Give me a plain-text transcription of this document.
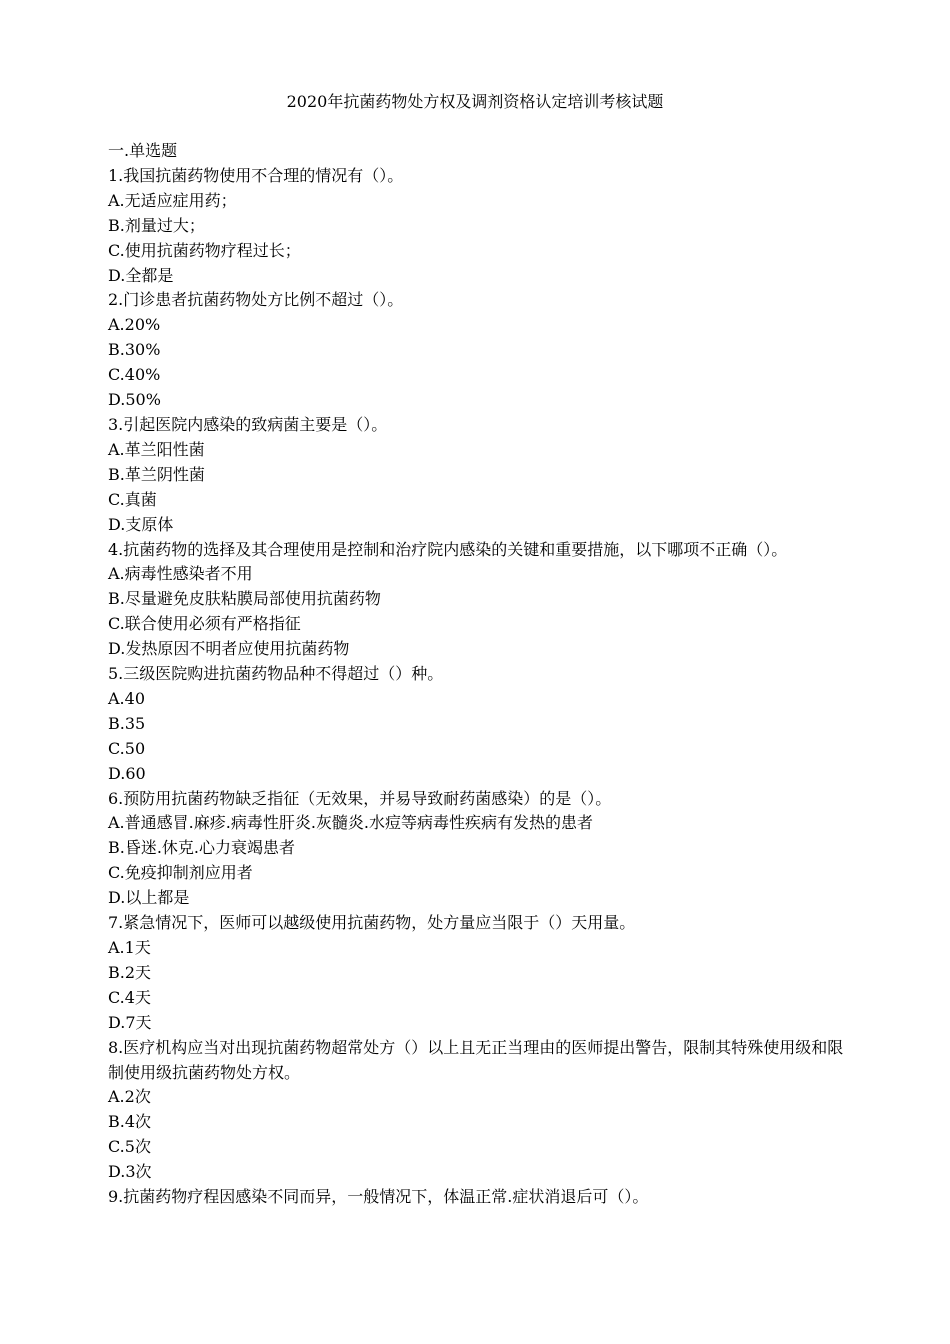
2020年抗菌药物处方权及调剂资格认定培训考核试题

一.单选题

1.我国抗菌药物使用不合理的情况有（）。

A.无适应症用药；

B.剂量过大；

C.使用抗菌药物疗程过长；

D.全都是

2.门诊患者抗菌药物处方比例不超过（）。

A.20%

B.30%

C.40%

D.50%

3.引起医院内感染的致病菌主要是（）。

A.革兰阳性菌

B.革兰阴性菌

C.真菌

D.支原体

4.抗菌药物的选择及其合理使用是控制和治疗院内感染的关键和重要措施，以下哪项不正确（）。

A.病毒性感染者不用

B.尽量避免皮肤粘膜局部使用抗菌药物

C.联合使用必须有严格指征

D.发热原因不明者应使用抗菌药物

5.三级医院购进抗菌药物品种不得超过（）种。

A.40

B.35

C.50

D.60

6.预防用抗菌药物缺乏指征（无效果，并易导致耐药菌感染）的是（）。

A.普通感冒.麻疹.病毒性肝炎.灰髓炎.水痘等病毒性疾病有发热的患者

B.昏迷.休克.心力衰竭患者

C.免疫抑制剂应用者

D.以上都是

7.紧急情况下，医师可以越级使用抗菌药物，处方量应当限于（）天用量。

A.1天

B.2天

C.4天

D.7天

8.医疗机构应当对出现抗菌药物超常处方（）以上且无正当理由的医师提出警告，限制其特殊使用级和限制使用级抗菌药物处方权。

A.2次

B.4次

C.5次

D.3次

9.抗菌药物疗程因感染不同而异，一般情况下，体温正常.症状消退后可（）。
